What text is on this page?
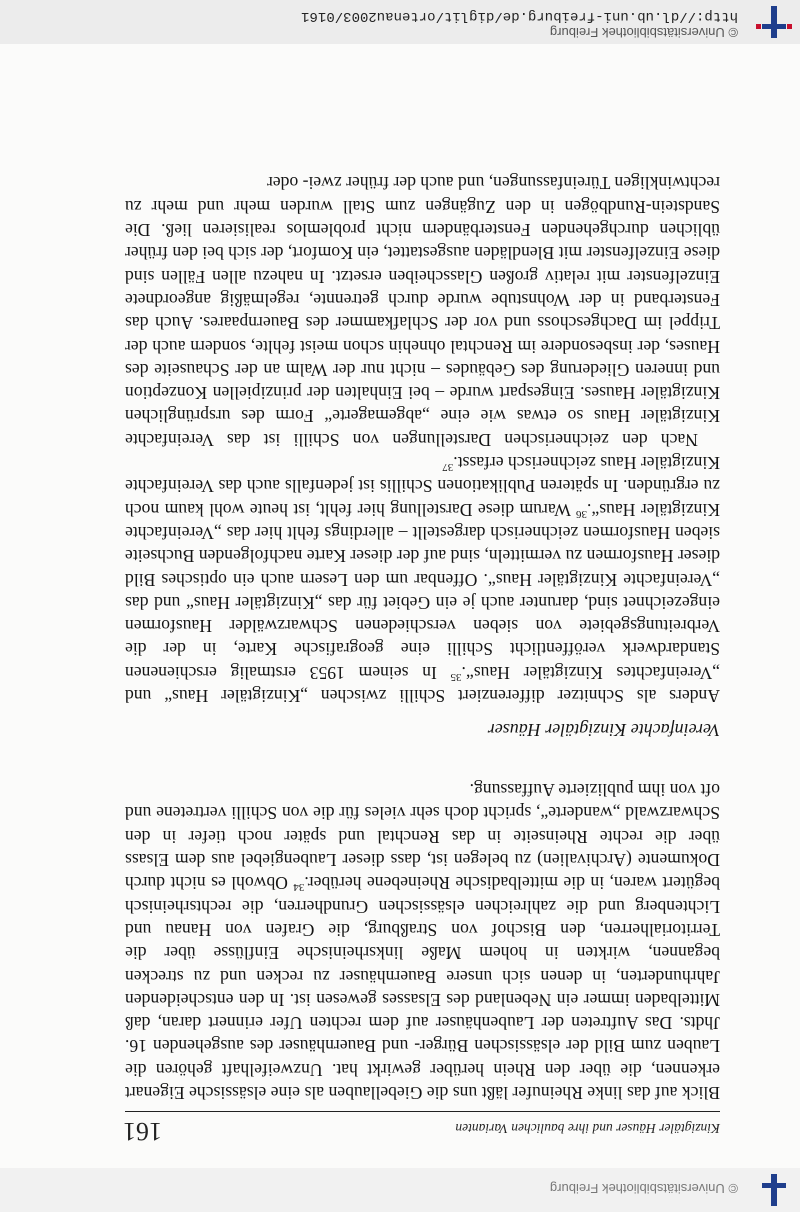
© Universitätsbibliothek Freiburg
http://dl.ub.uni-freiburg.de/diglit/ortenau2003/0161
© Universitätsbibliothek Freiburg
Kinzigtäler Häuser und ihre baulichen Varianten
161

Blick auf das linke Rheinufer läßt uns die Giebellauben als eine elsässische Eigenart erkennen, die über den Rhein herüber gewirkt hat. Unzweifelhaft gehören die Lauben zum Bild der elsässischen Bürger- und Bauernhäuser des ausgehenden 16. Jhdts. Das Auftreten der Laubenhäuser auf dem rechten Ufer erinnert daran, daß Mittelbaden immer ein Nebenland des Elsasses gewesen ist. In den entscheidenden Jahrhunderten, in denen sich unsere Bauernhäuser zu recken und zu strecken begannen, wirkten in hohem Maße linksrheinische Einflüsse über die Territorialherren, den Bischof von Straßburg, die Grafen von Hanau und Lichtenberg und die zahlreichen elsässischen Grundherren, die rechtsrheinisch begütert waren, in die mittelbadische Rheinebene herüber.$^{34}$ Obwohl es nicht durch Dokumente (Archivalien) zu belegen ist, dass dieser Laubengiebel aus dem Elsass über die rechte Rheinseite in das Renchtal und später noch tiefer in den Schwarzwald „wanderte“, spricht doch sehr vieles für die von Schilli vertretene und oft von ihm publizierte Auffassung.

Vereinfachte Kinzigtäler Häuser

Anders als Schnitzer differenziert Schilli zwischen „Kinzigtäler Haus“ und „Vereinfachtes Kinzigtäler Haus“.$^{35}$ In seinem 1953 erstmalig erschienenen Standardwerk veröffentlicht Schilli eine geografische Karte, in der die Verbreitungsgebiete von sieben verschiedenen Schwarzwälder Hausformen eingezeichnet sind, darunter auch je ein Gebiet für das „Kinzigtäler Haus“ und das „Vereinfachte Kinzigtäler Haus“. Offenbar um den Lesern auch ein optisches Bild dieser Hausformen zu vermitteln, sind auf der dieser Karte nachfolgenden Buchseite sieben Hausformen zeichnerisch dargestellt – allerdings fehlt hier das „Vereinfachte Kinzigtäler Haus“.$^{36}$ Warum diese Darstellung hier fehlt, ist heute wohl kaum noch zu ergründen. In späteren Publikationen Schillis ist jedenfalls auch das Vereinfachte Kinzigtäler Haus zeichnerisch erfasst.$^{37}$

Nach den zeichnerischen Darstellungen von Schilli ist das Vereinfachte Kinzigtäler Haus so etwas wie eine „abgemagerte“ Form des ursprünglichen Kinzigtäler Hauses. Eingespart wurde – bei Einhalten der prinzipiellen Konzeption und inneren Gliederung des Gebäudes – nicht nur der Walm an der Schauseite des Hauses, der insbesondere im Renchtal ohnehin schon meist fehlte, sondern auch der Trippel im Dachgeschoss und vor der Schlafkammer des Bauernpaares. Auch das Fensterband in der Wohnstube wurde durch getrennte, regelmäßig angeordnete Einzelfenster mit relativ großen Glasscheiben ersetzt. In nahezu allen Fällen sind diese Einzelfenster mit Blendläden ausgestattet, ein Komfort, der sich bei den früher üblichen durchgehenden Fensterbändern nicht problemlos realisieren ließ. Die Sandstein-Rundbögen in den Zugängen zum Stall wurden mehr und mehr zu rechtwinkligen Türeinfassungen, und auch der früher zwei- oder
